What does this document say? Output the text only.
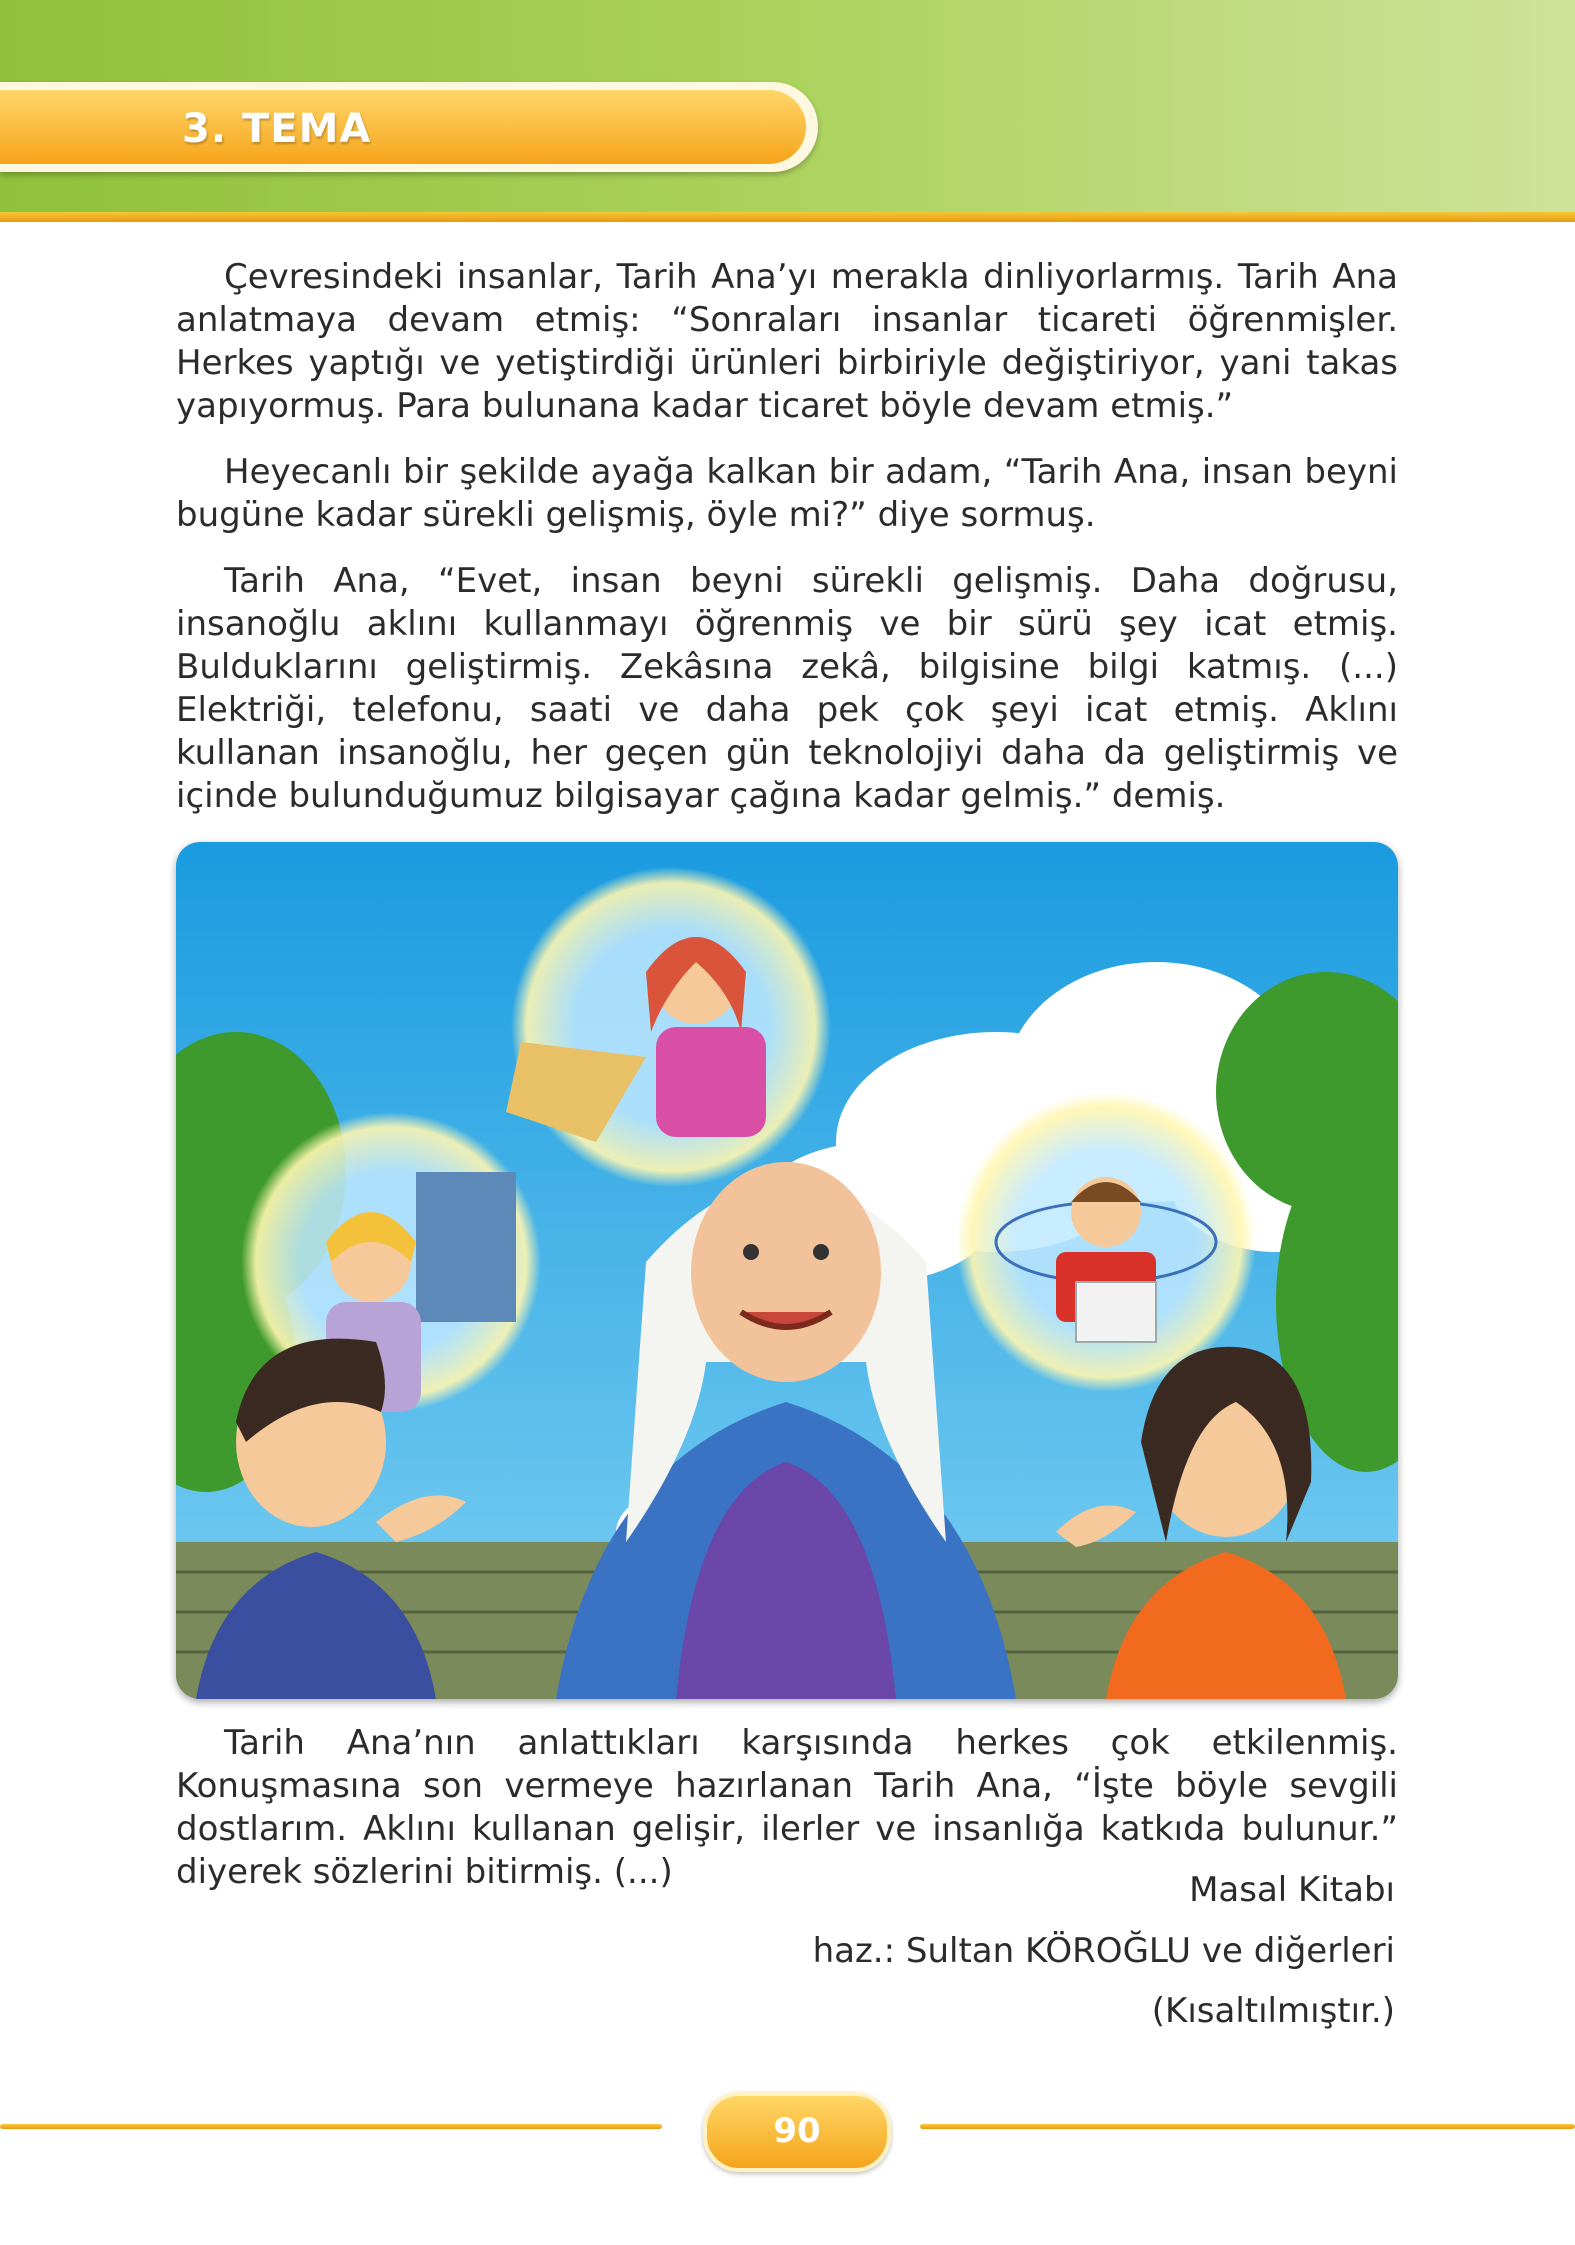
3. TEMA

Çevresindeki insanlar, Tarih Ana’yı merakla dinliyorlarmış. Tarih Ana anlatmaya devam etmiş: “Sonraları insanlar ticareti öğrenmişler. Herkes yaptığı ve yetiştirdiği ürünleri birbiriyle değiştiriyor, yani takas yapıyormuş. Para bulunana kadar ticaret böyle devam etmiş.”

Heyecanlı bir şekilde ayağa kalkan bir adam, “Tarih Ana, insan beyni bugüne kadar sürekli gelişmiş, öyle mi?” diye sormuş.

Tarih Ana, “Evet, insan beyni sürekli gelişmiş. Daha doğrusu, insanoğlu aklını kullanmayı öğrenmiş ve bir sürü şey icat etmiş. Bulduklarını geliştirmiş. Zekâsına zekâ, bilgisine bilgi katmış. (...) Elektriği, telefonu, saati ve daha pek çok şeyi icat etmiş. Aklını kullanan insanoğlu, her geçen gün teknolojiyi daha da geliştirmiş ve içinde bulunduğumuz bilgisayar çağına kadar gelmiş.” demiş.

Tarih Ana’nın anlattıkları karşısında herkes çok etkilenmiş. Konuşmasına son vermeye hazırlanan Tarih Ana, “İşte böyle sevgili dostlarım. Aklını kullanan gelişir, ilerler ve insanlığa katkıda bulunur.” diyerek sözlerini bitirmiş. (...)	Masal Kitabı
haz.: Sultan KÖROĞLU ve diğerleri
(Kısaltılmıştır.)
90
